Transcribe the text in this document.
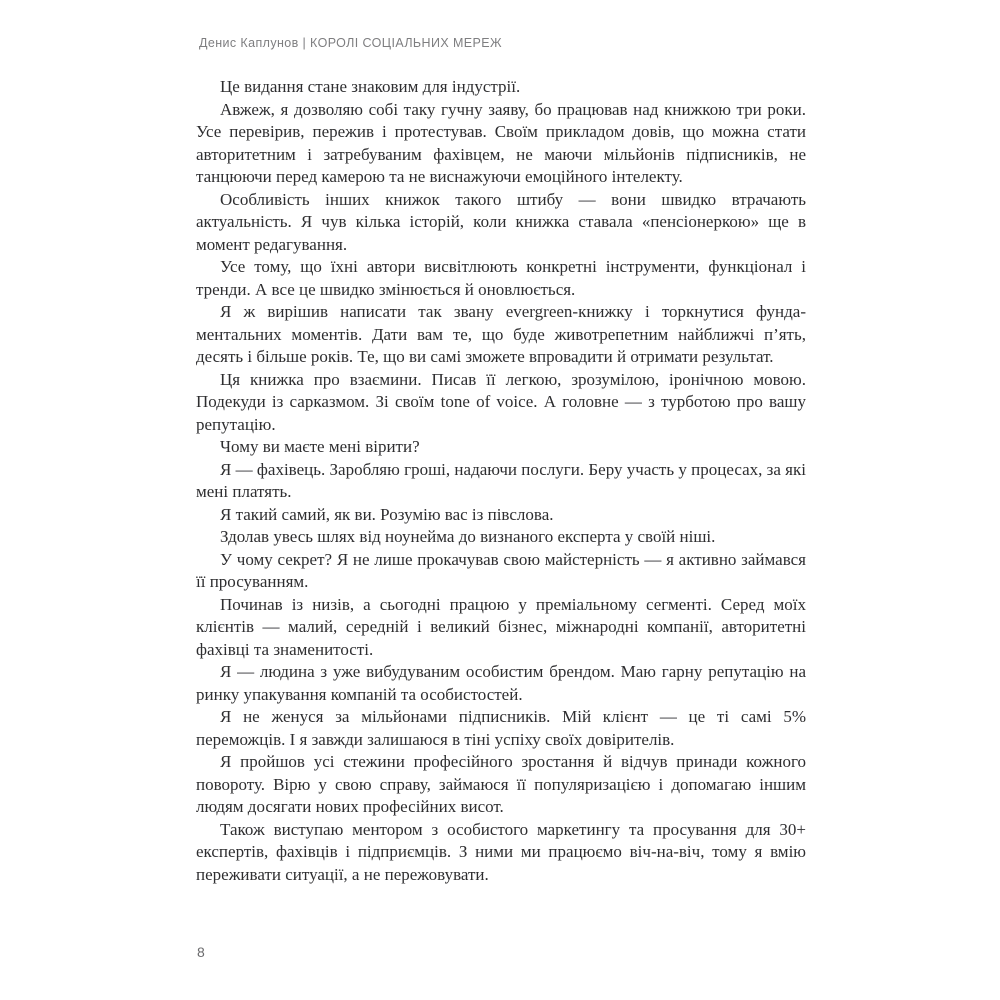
Денис Каплунов | КОРОЛІ СОЦІАЛЬНИХ МЕРЕЖ

Це видання стане знаковим для індустрії.

Авжеж, я дозволяю собі таку гучну заяву, бо працював над книжкою три роки. Усе перевірив, пережив і протестував. Своїм прикладом довів, що можна стати авторитетним і затребуваним фахівцем, не маючи мільйонів підписників, не танцюючи перед камерою та не виснажуючи емоційного інтелекту.

Особливість інших книжок такого штибу — вони швидко втрачають актуальність. Я чув кілька історій, коли книжка ставала «пенсіонеркою» ще в момент редагування.

Усе тому, що їхні автори висвітлюють конкретні інструменти, функціонал і тренди. А все це швидко змінюється й оновлюється.

Я ж вирішив написати так звану evergreen-книжку і торкнутися фундаментальних моментів. Дати вам те, що буде животрепетним найближчі п’ять, десять і більше років. Те, що ви самі зможете впровадити й отримати результат.

Ця книжка про взаємини. Писав її легкою, зрозумілою, іронічною мовою. Подекуди із сарказмом. Зі своїм tone of voice. А головне — з турботою про вашу репутацію.

Чому ви маєте мені вірити?

Я — фахівець. Заробляю гроші, надаючи послуги. Беру участь у процесах, за які мені платять.

Я такий самий, як ви. Розумію вас із півслова.

Здолав увесь шлях від ноунейма до визнаного експерта у своїй ніші.

У чому секрет? Я не лише прокачував свою майстерність — я активно займався її просуванням.

Починав із низів, а сьогодні працюю у преміальному сегменті. Серед моїх клієнтів — малий, середній і великий бізнес, міжнародні компанії, авторитетні фахівці та знаменитості.

Я — людина з уже вибудуваним особистим брендом. Маю гарну репутацію на ринку упакування компаній та особистостей.

Я не женуся за мільйонами підписників. Мій клієнт — це ті самі 5% переможців. І я завжди залишаюся в тіні успіху своїх довірителів.

Я пройшов усі стежини професійного зростання й відчув принади кожного повороту. Вірю у свою справу, займаюся її популяризацією і допомагаю іншим людям досягати нових професійних висот.

Також виступаю ментором з особистого маркетингу та просування для 30+ експертів, фахівців і підприємців. З ними ми працюємо віч-на-віч, тому я вмію переживати ситуації, а не пережовувати.

8
